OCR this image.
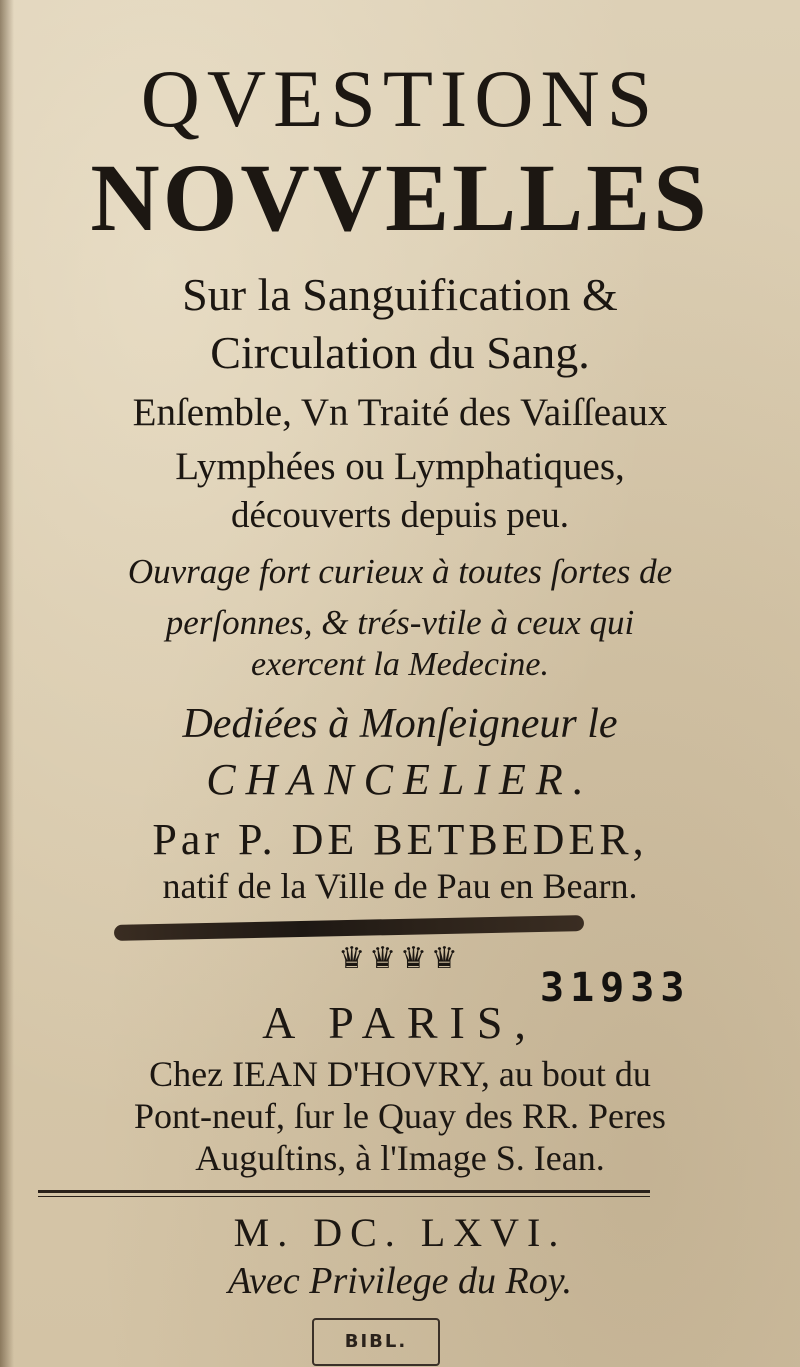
QVESTIONS
NOVVELLES
Sur la Sanguification &
Circulation du Sang.
Enſemble, Vn Traité des Vaiſſeaux
Lymphées ou Lymphatiques,
découverts depuis peu.
Ouvrage fort curieux à toutes ſortes de
perſonnes, & trés-vtile à ceux qui
exercent la Medecine.
Dediées à Monſeigneur le
CHANCELIER.
Par P. DE BETBEDER,
natif de la Ville de Pau en Bearn.
♛♛♛♛
31933
A PARIS,
Chez IEAN D'HOVRY, au bout du
Pont-neuf, ſur le Quay des RR. Peres
Auguſtins, à l'Image S. Iean.
M. DC. LXVI.
Avec Privilege du Roy.
BIBL.
